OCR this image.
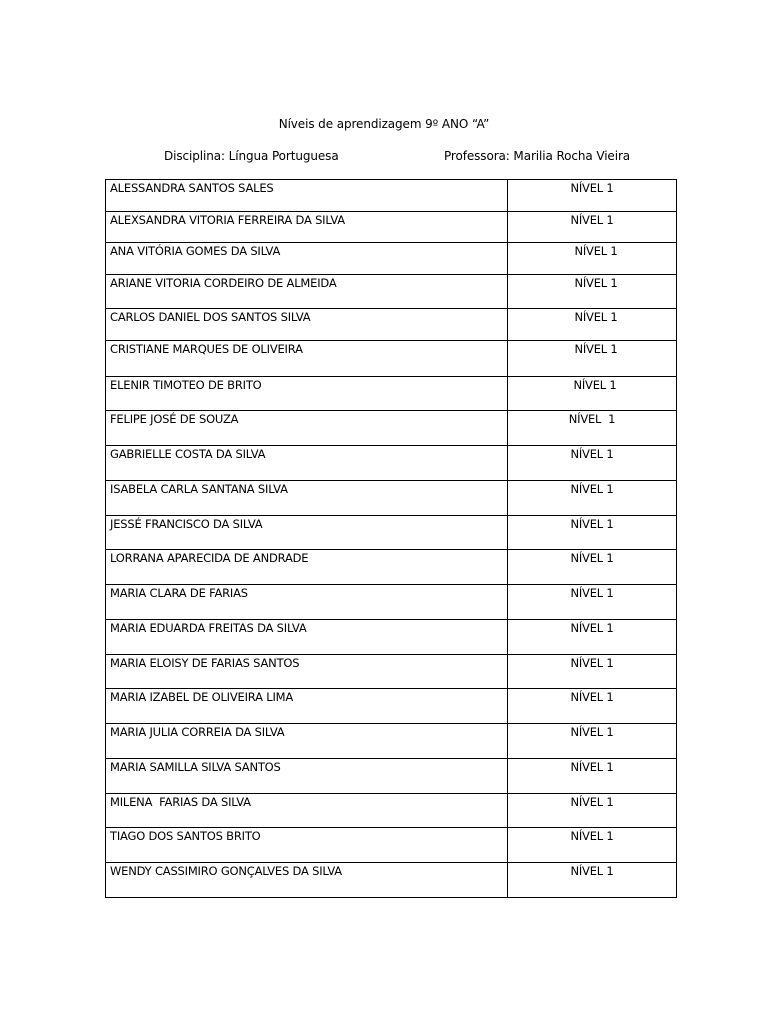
Níveis de aprendizagem 9º ANO “A”
Disciplina: Língua Portuguesa	Professora: Marilia Rocha Vieira
ALESSANDRA SANTOS SALES	NÍVEL 1

ALEXSANDRA VITORIA FERREIRA DA SILVA	NÍVEL 1

ANA VITÓRIA GOMES DA SILVA	NÍVEL 1

ARIANE VITORIA CORDEIRO DE ALMEIDA	NÍVEL 1

CARLOS DANIEL DOS SANTOS SILVA	NÍVEL 1

CRISTIANE MARQUES DE OLIVEIRA	NÍVEL 1

ELENIR TIMOTEO DE BRITO	NÍVEL 1

FELIPE JOSÉ DE SOUZA	NÍVEL  1

GABRIELLE COSTA DA SILVA	NÍVEL 1

ISABELA CARLA SANTANA SILVA	NÍVEL 1

JESSÉ FRANCISCO DA SILVA	NÍVEL 1

LORRANA APARECIDA DE ANDRADE	NÍVEL 1

MARIA CLARA DE FARIAS	NÍVEL 1

MARIA EDUARDA FREITAS DA SILVA	NÍVEL 1

MARIA ELOISY DE FARIAS SANTOS	NÍVEL 1

MARIA IZABEL DE OLIVEIRA LIMA	NÍVEL 1

MARIA JULIA CORREIA DA SILVA	NÍVEL 1

MARIA SAMILLA SILVA SANTOS	NÍVEL 1

MILENA  FARIAS DA SILVA	NÍVEL 1

TIAGO DOS SANTOS BRITO	NÍVEL 1

WENDY CASSIMIRO GONÇALVES DA SILVA	NÍVEL 1
